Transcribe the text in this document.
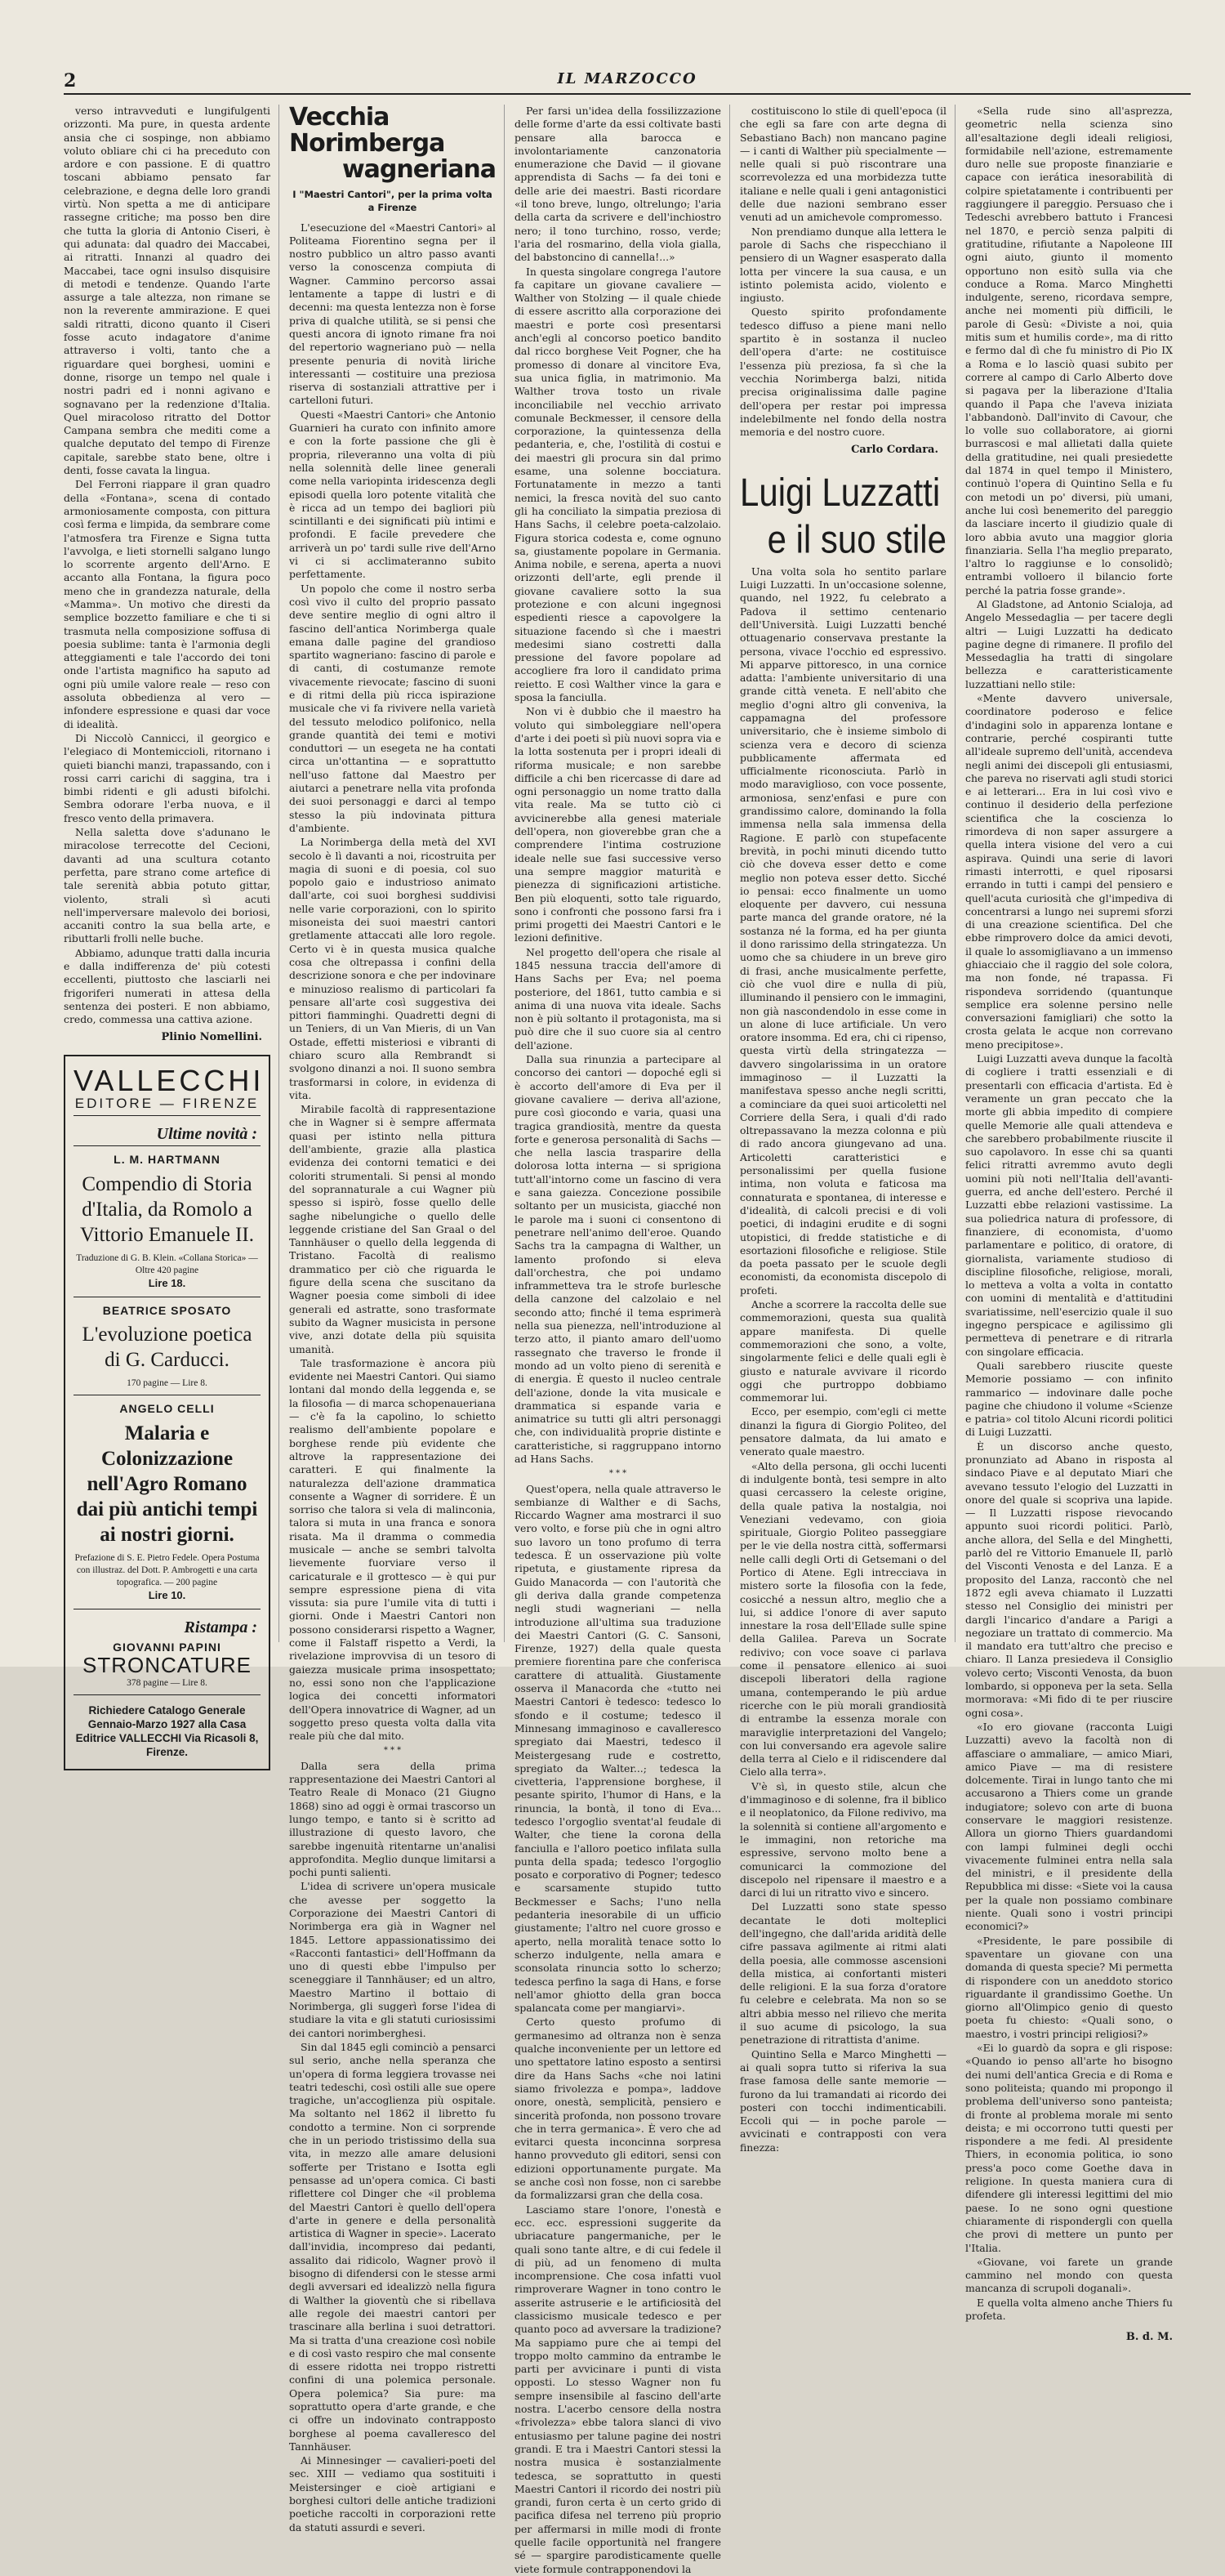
2	IL MARZOCCO

verso intravveduti e lungifulgenti orizzonti. Ma pure, in questa ardente ansia che ci sospinge, non abbiamo voluto obliare chi ci ha preceduto con ardore e con passione. E di quattro toscani abbiamo pensato far celebrazione, e degna delle loro grandi virtù. Non spetta a me di anticipare rassegne critiche; ma posso ben dire che tutta la gloria di Antonio Ciseri, è qui adunata: dal quadro dei Maccabei, ai ritratti. Innanzi al quadro dei Maccabei, tace ogni insulso disquisire di metodi e tendenze. Quando l'arte assurge a tale altezza, non rimane se non la reverente ammirazione. E quei saldi ritratti, dicono quanto il Ciseri fosse acuto indagatore d'anime attraverso i volti, tanto che a riguardare quei borghesi, uomini e donne, risorge un tempo nel quale i nostri padri ed i nonni agivano e sognavano per la redenzione d'Italia. Quel miracoloso ritratto del Dottor Campana sembra che mediti come a qualche deputato del tempo di Firenze capitale, sarebbe stato bene, oltre i denti, fosse cavata la lingua.

Del Ferroni riappare il gran quadro della «Fontana», scena di contado armoniosamente composta, con pittura così ferma e limpida, da sembrare come l'atmosfera tra Firenze e Signa tutta l'avvolga, e lieti stornelli salgano lungo lo scorrente argento dell'Arno. E accanto alla Fontana, la figura poco meno che in grandezza naturale, della «Mamma». Un motivo che diresti da semplice bozzetto familiare e che ti si trasmuta nella composizione soffusa di poesia sublime: tanta è l'armonia degli atteggiamenti e tale l'accordo dei toni onde l'artista magnifico ha saputo ad ogni più umile valore reale — reso con assoluta obbedienza al vero — infondere espressione e quasi dar voce di idealità.

Di Niccolò Cannicci, il georgico e l'elegiaco di Montemiccioli, ritornano i quieti bianchi manzi, trapassando, con i rossi carri carichi di saggina, tra i bimbi ridenti e gli adusti bifolchi. Sembra odorare l'erba nuova, e il fresco vento della primavera.

Nella saletta dove s'adunano le miracolose terrecotte del Cecioni, davanti ad una scultura cotanto perfetta, pare strano come artefice di tale serenità abbia potuto gittar, violento, strali sì acuti nell'imperversare malevolo dei boriosi, accaniti contro la sua bella arte, e ributtarli frolli nelle buche.

Abbiamo, adunque tratti dalla incuria e dalla indifferenza de' più cotesti eccellenti, piuttosto che lasciarli nei frigoriferi numerati in attesa della sentenza dei posteri. E non abbiamo, credo, commessa una cattiva azione.

Plinio Nomellini.
VALLECCHI
EDITORE — FIRENZE
Ultime novità :
L. M. HARTMANN
Compendio di Storia d'Italia, da Romolo a Vittorio Emanuele II.
Traduzione di G. B. Klein. «Collana Storica» — Oltre 420 pagine
Lire 18.
BEATRICE SPOSATO
L'evoluzione poetica di G. Carducci.
170 pagine — Lire 8.
ANGELO CELLI
Malaria e Colonizzazione nell'Agro Romano dai più antichi tempi ai nostri giorni.
Prefazione di S. E. Pietro Fedele. Opera Postuma con illustraz. del Dott. P. Ambrogetti e una carta topografica. — 200 pagine
Lire 10.
Ristampa :
GIOVANNI PAPINI
STRONCATURE
378 pagine — Lire 8.
Richiedere Catalogo Generale Gennaio-Marzo 1927 alla Casa Editrice VALLECCHI Via Ricasoli 8, Firenze.
Vecchia Norimberga
wagneriana
I "Maestri Cantori", per la prima volta a Firenze

L'esecuzione del «Maestri Cantori» al Politeama Fiorentino segna per il nostro pubblico un altro passo avanti verso la conoscenza compiuta di Wagner. Cammino percorso assai lentamente a tappe di lustri e di decenni: ma questa lentezza non è forse priva di qualche utilità, se si pensi che questi ancora di ignoto rimane fra noi del repertorio wagneriano può — nella presente penuria di novità liriche interessanti — costituire una preziosa riserva di sostanziali attrattive per i cartelloni futuri.

Questi «Maestri Cantori» che Antonio Guarnieri ha curato con infinito amore e con la forte passione che gli è propria, rileveranno una volta di più nella solennità delle linee generali come nella variopinta iridescenza degli episodi quella loro potente vitalità che è ricca ad un tempo dei bagliori più scintillanti e dei significati più intimi e profondi. E facile prevedere che arriverà un po' tardi sulle rive dell'Arno vi ci si acclimateranno subito perfettamente.

Un popolo che come il nostro serba così vivo il culto del proprio passato deve sentire meglio di ogni altro il fascino dell'antica Norimberga quale emana dalle pagine del grandioso spartito wagneriano: fascino di parole e di canti, di costumanze remote vivacemente rievocate; fascino di suoni e di ritmi della più ricca ispirazione musicale che vi fa rivivere nella varietà del tessuto melodico polifonico, nella grande quantità dei temi e motivi conduttori — un esegeta ne ha contati circa un'ottantina — e soprattutto nell'uso fattone dal Maestro per aiutarci a penetrare nella vita profonda dei suoi personaggi e darci al tempo stesso la più indovinata pittura d'ambiente.

La Norimberga della metà del XVI secolo è lì davanti a noi, ricostruita per magia di suoni e di poesia, col suo popolo gaio e industrioso animato dall'arte, coi suoi borghesi suddivisi nelle varie corporazioni, con lo spirito misoneista dei suoi maestri cantori gretlamente attaccati alle loro regole. Certo vi è in questa musica qualche cosa che oltrepassa i confini della descrizione sonora e che per indovinare e minuzioso realismo di particolari fa pensare all'arte così suggestiva dei pittori fiamminghi. Quadretti degni di un Teniers, di un Van Mieris, di un Van Ostade, effetti misteriosi e vibranti di chiaro scuro alla Rembrandt si svolgono dinanzi a noi. Il suono sembra trasformarsi in colore, in evidenza di vita.

Mirabile facoltà di rappresentazione che in Wagner si è sempre affermata quasi per istinto nella pittura dell'ambiente, grazie alla plastica evidenza dei contorni tematici e dei coloriti strumentali. Si pensi al mondo del soprannaturale a cui Wagner più spesso si ispirò, fosse quello delle saghe nibelungiche o quello delle leggende cristiane del San Graal o del Tannhäuser o quello della leggenda di Tristano. Facoltà di realismo drammatico per ciò che riguarda le figure della scena che suscitano da Wagner poesia come simboli di idee generali ed astratte, sono trasformate subito da Wagner musicista in persone vive, anzi dotate della più squisita umanità.

Tale trasformazione è ancora più evidente nei Maestri Cantori. Qui siamo lontani dal mondo della leggenda e, se la filosofia — di marca schopenaueriana — c'è fa la capolino, lo schietto realismo dell'ambiente popolare e borghese rende più evidente che altrove la rappresentazione dei caratteri. E qui finalmente la naturalezza dell'azione drammatica consente a Wagner di sorridere. È un sorriso che talora si vela di malinconia, talora si muta in una franca e sonora risata. Ma il dramma o commedia musicale — anche se sembri talvolta lievemente fuorviare verso il caricaturale e il grottesco — è qui pur sempre espressione piena di vita vissuta: sia pure l'umile vita di tutti i giorni. Onde i Maestri Cantori non possono considerarsi rispetto a Wagner, come il Falstaff rispetto a Verdi, la rivelazione improvvisa di un tesoro di gaiezza musicale prima insospettato; no, essi sono non che l'applicazione logica dei concetti informatori dell'Opera innovatrice di Wagner, ad un soggetto preso questa volta dalla vita reale più che dal mito.

* * *

Dalla sera della prima rappresentazione dei Maestri Cantori al Teatro Reale di Monaco (21 Giugno 1868) sino ad oggi è ormai trascorso un lungo tempo, e tanto si è scritto ad illustrazione di questo lavoro, che sarebbe ingenuità ritentarne un'analisi approfondita. Meglio dunque limitarsi a pochi punti salienti.

L'idea di scrivere un'opera musicale che avesse per soggetto la Corporazione dei Maestri Cantori di Norimberga era già in Wagner nel 1845. Lettore appassionatissimo dei «Racconti fantastici» dell'Hoffmann da uno di questi ebbe l'impulso per sceneggiare il Tannhäuser; ed un altro, Maestro Martino il bottaio di Norimberga, gli suggerì forse l'idea di studiare la vita e gli statuti curiosissimi dei cantori norimberghesi.

Sin dal 1845 egli cominciò a pensarci sul serio, anche nella speranza che un'opera di forma leggiera trovasse nei teatri tedeschi, così ostili alle sue opere tragiche, un'accoglienza più ospitale. Ma soltanto nel 1862 il libretto fu condotto a termine. Non ci sorprende che in un periodo tristissimo della sua vita, in mezzo alle amare delusioni sofferte per Tristano e Isotta egli pensasse ad un'opera comica. Ci basti riflettere col Dinger che «il problema del Maestri Cantori è quello dell'opera d'arte in genere e della personalità artistica di Wagner in specie». Lacerato dall'invidia, incompreso dai pedanti, assalito dai ridicolo, Wagner provò il bisogno di difendersi con le stesse armi degli avversari ed idealizzò nella figura di Walther la gioventù che si ribellava alle regole dei maestri cantori per trascinare alla berlina i suoi detrattori. Ma si tratta d'una creazione così nobile e di così vasto respiro che mal consente di essere ridotta nei troppo ristretti confini di una polemica personale. Opera polemica? Sia pure: ma soprattutto opera d'arte grande, e che ci offre un indovinato contrapposto borghese al poema cavalleresco del Tannhäuser.

Ai Minnesinger — cavalieri-poeti del sec. XIII — vediamo qua sostituiti i Meistersinger e cioè artigiani e borghesi cultori delle antiche tradizioni poetiche raccolti in corporazioni rette da statuti assurdi e severi.

Per farsi un'idea della fossilizzazione delle forme d'arte da essi coltivate basti pensare alla barocca e involontariamente canzonatoria enumerazione che David — il giovane apprendista di Sachs — fa dei toni e delle arie dei maestri. Basti ricordare «il tono breve, lungo, oltrelungo; l'aria della carta da scrivere e dell'inchiostro nero; il tono turchino, rosso, verde; l'aria del rosmarino, della viola gialla, del babstoncino di cannella!...»

In questa singolare congrega l'autore fa capitare un giovane cavaliere — Walther von Stolzing — il quale chiede di essere ascritto alla corporazione dei maestri e porte così presentarsi anch'egli al concorso poetico bandito dal ricco borghese Veit Pogner, che ha promesso di donare al vincitore Eva, sua unica figlia, in matrimonio. Ma Walther trova tosto un rivale inconciliabile nel vecchio arrivato comunale Beckmesser, il censore della corporazione, la quintessenza della pedanteria, e, che, l'ostilità di costui e dei maestri gli procura sin dal primo esame, una solenne bocciatura. Fortunatamente in mezzo a tanti nemici, la fresca novità del suo canto gli ha conciliato la simpatia preziosa di Hans Sachs, il celebre poeta-calzolaio. Figura storica codesta e, come ognuno sa, giustamente popolare in Germania. Anima nobile, e serena, aperta a nuovi orizzonti dell'arte, egli prende il giovane cavaliere sotto la sua protezione e con alcuni ingegnosi espedienti riesce a capovolgere la situazione facendo sì che i maestri medesimi siano costretti dalla pressione del favore popolare ad accogliere fra loro il candidato prima reietto. E così Walther vince la gara e sposa la fanciulla.

Non vi è dubbio che il maestro ha voluto qui simboleggiare nell'opera d'arte i dei poeti sì più nuovi sopra via e la lotta sostenuta per i propri ideali di riforma musicale; e non sarebbe difficile a chi ben ricercasse di dare ad ogni personaggio un nome tratto dalla vita reale. Ma se tutto ciò ci avvicinerebbe alla genesi materiale dell'opera, non gioverebbe gran che a comprendere l'intima costruzione ideale nelle sue fasi successive verso una sempre maggior maturità e pienezza di significazioni artistiche. Ben più eloquenti, sotto tale riguardo, sono i confronti che possono farsi fra i primi progetti dei Maestri Cantori e le lezioni definitive.

Nel progetto dell'opera che risale al 1845 nessuna traccia dell'amore di Hans Sachs per Eva; nel poema posteriore, del 1861, tutto cambia e si anima di una nuova vita ideale. Sachs non è più soltanto il protagonista, ma si può dire che il suo cuore sia al centro dell'azione.

Dalla sua rinunzia a partecipare al concorso dei cantori — dopoché egli si è accorto dell'amore di Eva per il giovane cavaliere — deriva all'azione, pure così giocondo e varia, quasi una tragica grandiosità, mentre da questa forte e generosa personalità di Sachs — che nella lascia trasparire della dolorosa lotta interna — si sprigiona tutt'all'intorno come un fascino di vera e sana gaiezza. Concezione possibile soltanto per un musicista, giacché non le parole ma i suoni ci consentono di penetrare nell'animo dell'eroe. Quando Sachs tra la campagna di Walther, un lamento profondo si eleva dall'orchestra, che poi undamo inframmetteva tra le strofe burlesche della canzone del calzolaio e nel secondo atto; finché il tema esprimerà nella sua pienezza, nell'introduzione al terzo atto, il pianto amaro dell'uomo rassegnato che traverso le fronde il mondo ad un volto pieno di serenità e di energia. È questo il nucleo centrale dell'azione, donde la vita musicale e drammatica si espande varia e animatrice su tutti gli altri personaggi che, con individualità proprie distinte e caratteristiche, si raggruppano intorno ad Hans Sachs.

* * *

Quest'opera, nella quale attraverso le sembianze di Walther e di Sachs, Riccardo Wagner ama mostrarci il suo vero volto, e forse più che in ogni altro suo lavoro un tono profumo di terra tedesca. È un osservazione più volte ripetuta, e giustamente ripresa da Guido Manacorda — con l'autorità che gli deriva dalla grande competenza negli studi wagneriani — nella introduzione all'ultima sua traduzione dei Maestri Cantori (G. C. Sansoni, Firenze, 1927) della quale questa premiere fiorentina pare che conferisca carattere di attualità. Giustamente osserva il Manacorda che «tutto nei Maestri Cantori è tedesco: tedesco lo sfondo e il costume; tedesco il Minnesang immaginoso e cavalleresco spregiato dai Maestri, tedesco il Meistergesang rude e costretto, spregiato da Walter...; tedesca la civetteria, l'apprensione borghese, il pesante spirito, l'humor di Hans, e la rinuncia, la bontà, il tono di Eva... tedesco l'orgoglio sventat'al feudale di Walter, che tiene la corona della fanciulla e l'alloro poetico infilata sulla punta della spada; tedesco l'orgoglio posato e corporativo di Pogner; tedesco e scarsamente stupido tutto Beckmesser e Sachs; l'uno nella pedanteria inesorabile di un ufficio giustamente; l'altro nel cuore grosso e aperto, nella moralità tenace sotto lo scherzo indulgente, nella amara e sconsolata rinuncia sotto lo scherzo; tedesca perfino la saga di Hans, e forse nell'amor ghiotto della gran bocca spalancata come per mangiarvi».

Certo questo profumo di germanesimo ad oltranza non è senza qualche inconveniente per un lettore ed uno spettatore latino esposto a sentirsi dire da Hans Sachs «che noi latini siamo frivolezza e pompa», laddove onore, onestà, semplicità, pensiero e sincerità profonda, non possono trovare che in terra germanica». È vero che ad evitarci questa inconcinna sorpresa hanno provveduto gli editori, sensi con edizioni opportunamente purgate. Ma se anche così non fosse, non ci sarebbe da formalizzarsi gran che della cosa.

Lasciamo stare l'onore, l'onestà e ecc. ecc. espressioni suggerite da ubriacature pangermaniche, per le quali sono tante altre, e di cui fedele il di più, ad un fenomeno di multa incomprensione. Che cosa infatti vuol rimproverare Wagner in tono contro le asserite astruserie e le artificiosità del classicismo musicale tedesco e per quanto poco ad avversare la tradizione? Ma sappiamo pure che ai tempi del troppo molto cammino da entrambe le parti per avvicinare i punti di vista opposti. Lo stesso Wagner non fu sempre insensibile al fascino dell'arte nostra. L'acerbo censore della nostra «frivolezza» ebbe talora slanci di vivo entusiasmo per talune pagine dei nostri grandi. E tra i Maestri Cantori stessi la nostra musica è sostanzialmente tedesca, se soprattutto in questi Maestri Cantori il ricordo dei nostri più grandi, furon certa è un certo grido di pacifica difesa nel terreno più proprio per affermarsi in mille modi di fronte quelle facile opportunità nel frangere sé — spargire parodisticamente quelle viete formule contrapponendovi la

costituiscono lo stile di quell'epoca (il che egli sa fare con arte degna di Sebastiano Bach) non mancano pagine — i canti di Walther più specialmente — nelle quali si può riscontrare una scorrevolezza ed una morbidezza tutte italiane e nelle quali i geni antagonistici delle due nazioni sembrano esser venuti ad un amichevole compromesso.

Non prendiamo dunque alla lettera le parole di Sachs che rispecchiano il pensiero di un Wagner esasperato dalla lotta per vincere la sua causa, e un istinto polemista acido, violento e ingiusto.

Questo spirito profondamente tedesco diffuso a piene mani nello spartito è in sostanza il nucleo dell'opera d'arte: ne costituisce l'essenza più preziosa, fa sì che la vecchia Norimberga balzi, nitida precisa originalissima dalle pagine dell'opera per restar poi impressa indelebilmente nel fondo della nostra memoria e del nostro cuore.

Carlo Cordara.
Luigi Luzzatti
e il suo stile

Una volta sola ho sentito parlare Luigi Luzzatti. In un'occasione solenne, quando, nel 1922, fu celebrato a Padova il settimo centenario dell'Università. Luigi Luzzatti benché ottuagenario conservava prestante la persona, vivace l'occhio ed espressivo. Mi apparve pittoresco, in una cornice adatta: l'ambiente universitario di una grande città veneta. E nell'abito che meglio d'ogni altro gli conveniva, la cappamagna del professore universitario, che è insieme simbolo di scienza vera e decoro di scienza pubblicamente affermata ed ufficialmente riconosciuta. Parlò in modo maraviglioso, con voce possente, armoniosa, senz'enfasi e pure con grandissimo calore, dominando la folla immensa nella sala immensa della Ragione. E parlò con stupefacente brevità, in pochi minuti dicendo tutto ciò che doveva esser detto e come meglio non poteva esser detto. Sicché io pensai: ecco finalmente un uomo eloquente per davvero, cui nessuna parte manca del grande oratore, né la sostanza né la forma, ed ha per giunta il dono rarissimo della stringatezza. Un uomo che sa chiudere in un breve giro di frasi, anche musicalmente perfette, ciò che vuol dire e nulla di più, illuminando il pensiero con le immagini, non già nascondendolo in esse come in un alone di luce artificiale. Un vero oratore insomma. Ed era, chi ci ripenso, questa virtù della stringatezza — davvero singolarissima in un oratore immaginoso — il Luzzatti la manifestava spesso anche negli scritti, a cominciare da quei suoi articoletti nel Corriere della Sera, i quali d'di rado oltrepassavano la mezza colonna e più di rado ancora giungevano ad una. Articoletti caratteristici e personalissimi per quella fusione intima, non voluta e faticosa ma connaturata e spontanea, di interesse e d'idealità, di calcoli precisi e di voli poetici, di indagini erudite e di sogni utopistici, di fredde statistiche e di esortazioni filosofiche e religiose. Stile da poeta passato per le scuole degli economisti, da economista discepolo di profeti.

Anche a scorrere la raccolta delle sue commemorazioni, questa sua qualità appare manifesta. Di quelle commemorazioni che sono, a volte, singolarmente felici e delle quali egli è giusto e naturale avvivare il ricordo oggi che purtroppo dobbiamo commemorar lui.

Ecco, per esempio, com'egli ci mette dinanzi la figura di Giorgio Politeo, del pensatore dalmata, da lui amato e venerato quale maestro.

«Alto della persona, gli occhi lucenti di indulgente bontà, tesi sempre in alto quasi cercassero la celeste origine, della quale pativa la nostalgia, noi Veneziani vedevamo, con gioia spirituale, Giorgio Politeo passeggiare per le vie della nostra città, soffermarsi nelle calli degli Orti di Getsemani o del Portico di Atene. Egli intrecciava in mistero sorte la filosofia con la fede, cosicché a nessun altro, meglio che a lui, si addice l'onore di aver saputo innestare la rosa dell'Ellade sulle spine della Galilea. Pareva un Socrate redivivo; con voce soave ci parlava come il pensatore ellenico ai suoi discepoli liberatori della ragione umana, contemperando le più ardue ricerche con le più morali grandiosità di entrambe la essenza morale con maraviglie interpretazioni del Vangelo; con lui conversando era agevole salire della terra al Cielo e il ridiscendere dal Cielo alla terra».

V'è sì, in questo stile, alcun che d'immaginoso e di solenne, fra il biblico e il neoplatonico, da Filone redivivo, ma la solennità si contiene all'argomento e le immagini, non retoriche ma espressive, servono molto bene a comunicarci la commozione del discepolo nel ripensare il maestro e a darci di lui un ritratto vivo e sincero.

Del Luzzatti sono state spesso decantate le doti molteplici dell'ingegno, che dall'arida aridità delle cifre passava agilmente ai ritmi alati della poesia, alle commosse ascensioni della mistica, ai confortanti misteri delle religioni. E la sua forza d'oratore fu celebre e celebrata. Ma non so se altri abbia messo nel rilievo che merita il suo acume di psicologo, la sua penetrazione di ritrattista d'anime.

Quintino Sella e Marco Minghetti — ai quali sopra tutto si riferiva la sua frase famosa delle sante memorie — furono da lui tramandati ai ricordo dei posteri con tocchi indimenticabili. Eccoli qui — in poche parole — avvicinati e contrapposti con vera finezza:

«Sella rude sino all'asprezza, geometric nella scienza sino all'esaltazione degli ideali religiosi, formidabile nell'azione, estremamente duro nelle sue proposte finanziarie e capace con ierática inesorabilità di colpire spietatamente i contribuenti per raggiungere il pareggio. Persuaso che i Tedeschi avrebbero battuto i Francesi nel 1870, e perciò senza palpiti di gratitudine, rifiutante a Napoleone III ogni aiuto, giunto il momento opportuno non esitò sulla via che conduce a Roma. Marco Minghetti indulgente, sereno, ricordava sempre, anche nei momenti più difficili, le parole di Gesù: «Diviste a noi, quia mitis sum et humilis corde», ma di ritto e fermo dal dì che fu ministro di Pio IX a Roma e lo lasciò quasi subito per correre al campo di Carlo Alberto dove si pagava per la liberazione d'Italia quando il Papa che l'aveva iniziata l'abbandonò. Dall'invito di Cavour, che lo volle suo collaboratore, ai giorni burrascosi e mal allietati dalla quiete della gratitudine, nei quali presiedette dal 1874 in quel tempo il Ministero, continuò l'opera di Quintino Sella e fu con metodi un po' diversi, più umani, anche lui così benemerito del pareggio da lasciare incerto il giudizio quale di loro abbia avuto una maggior gloria finanziaria. Sella l'ha meglio preparato, l'altro lo raggiunse e lo consolidò; entrambi volloero il bilancio forte perché la patria fosse grande».

Al Gladstone, ad Antonio Scialoja, ad Angelo Messedaglia — per tacere degli altri — Luigi Luzzatti ha dedicato pagine degne di rimanere. Il profilo del Messedaglia ha tratti di singolare bellezza e caratteristicamente luzzattiani nello stile:

«Mente davvero universale, coordinatore poderoso e felice d'indagini solo in apparenza lontane e contrarie, perché cospiranti tutte all'ideale supremo dell'unità, accendeva negli animi dei discepoli gli entusiasmi, che pareva no riservati agli studi storici e ai letterari... Era in lui così vivo e continuo il desiderio della perfezione scientifica che la coscienza lo rimordeva di non saper assurgere a quella intera visione del vero a cui aspirava. Quindi una serie di lavori rimasti interrotti, e quel riposarsi errando in tutti i campi del pensiero e quell'acuta curiosità che gl'impediva di concentrarsi a lungo nei supremi sforzi di una creazione scientifica. Del che ebbe rimprovero dolce da amici devoti, il quale lo assomigliavano a un immenso ghiacciaio che il raggio del sole colora, ma non fonde, né trapassa. Fi rispondeva sorridendo (quantunque semplice era solenne persino nelle conversazioni famigliari) che sotto la crosta gelata le acque non correvano meno precipitose».

Luigi Luzzatti aveva dunque la facoltà di cogliere i tratti essenziali e di presentarli con efficacia d'artista. Ed è veramente un gran peccato che la morte gli abbia impedito di compiere quelle Memorie alle quali attendeva e che sarebbero probabilmente riuscite il suo capolavoro. In esse chi sa quanti felici ritratti avremmo avuto degli uomini più noti nell'Italia dell'avanti-guerra, ed anche dell'estero. Perché il Luzzatti ebbe relazioni vastissime. La sua poliedrica natura di professore, di finanziere, di economista, d'uomo parlamentare e politico, di oratore, di giornalista, variamente studioso di discipline filosofiche, religiose, morali, lo metteva a volta a volta in contatto con uomini di mentalità e d'attitudini svariatissime, nell'esercizio quale il suo ingegno perspicace e agilissimo gli permetteva di penetrare e di ritrarla con singolare efficacia.

Quali sarebbero riuscite queste Memorie possiamo — con infinito rammarico — indovinare dalle poche pagine che chiudono il volume «Scienze e patria» col titolo Alcuni ricordi politici di Luigi Luzzatti.

È un discorso anche questo, pronunziato ad Abano in risposta al sindaco Piave e al deputato Miari che avevano tessuto l'elogio del Luzzatti in onore del quale si scopriva una lapide. — Il Luzzatti rispose rievocando appunto suoi ricordi politici. Parlò, anche allora, del Sella e del Minghetti, parlò del re Vittorio Emanuele II, parlò del Visconti Venosta e del Lanza. E a proposito del Lanza, raccontò che nel 1872 egli aveva chiamato il Luzzatti stesso nel Consiglio dei ministri per dargli l'incarico d'andare a Parigi a negoziare un trattato di commercio. Ma il mandato era tutt'altro che preciso e chiaro. Il Lanza presiedeva il Consiglio volevo certo; Visconti Venosta, da buon lombardo, si opponeva per la seta. Sella mormorava: «Mi fido di te per riuscire ogni cosa».

«Io ero giovane (racconta Luigi Luzzatti) avevo la facoltà non di affasciare o ammaliare, — amico Miari, amico Piave — ma di resistere dolcemente. Tirai in lungo tanto che mi accusarono a Thiers come un grande indugiatore; solevo con arte di buona conservare le maggiori resistenze. Allora un giorno Thiers guardandomi con lampi fulminei degli occhi vivacemente fulminei entra nella sala del ministri, e il presidente della Repubblica mi disse: «Siete voi la causa per la quale non possiamo combinare niente. Quali sono i vostri principi economici?»

«Presidente, le pare possibile di spaventare un giovane con una domanda di questa specie? Mi permetta di rispondere con un aneddoto storico riguardante il grandissimo Goethe. Un giorno all'Olimpico genio di questo poeta fu chiesto: «Quali sono, o maestro, i vostri principi religiosi?»

«Ei lo guardò da sopra e gli rispose: «Quando io penso all'arte ho bisogno dei numi dell'antica Grecia e di Roma e sono politeista; quando mi propongo il problema dell'universo sono panteista; di fronte al problema morale mi sento deista; e mi occorrono tutti questi per rispondere a me fedi. Al presidente Thiers, in economia politica, io sono press'a poco come Goethe dava in religione. In questa maniera cura di difendere gli interessi legittimi del mio paese. Io ne sono ogni questione chiaramente di rispondergli con quella che provi di mettere un punto per l'Italia.

«Giovane, voi farete un grande cammino nel mondo con questa mancanza di scrupoli doganali».

E quella volta almeno anche Thiers fu profeta.

B. d. M.
